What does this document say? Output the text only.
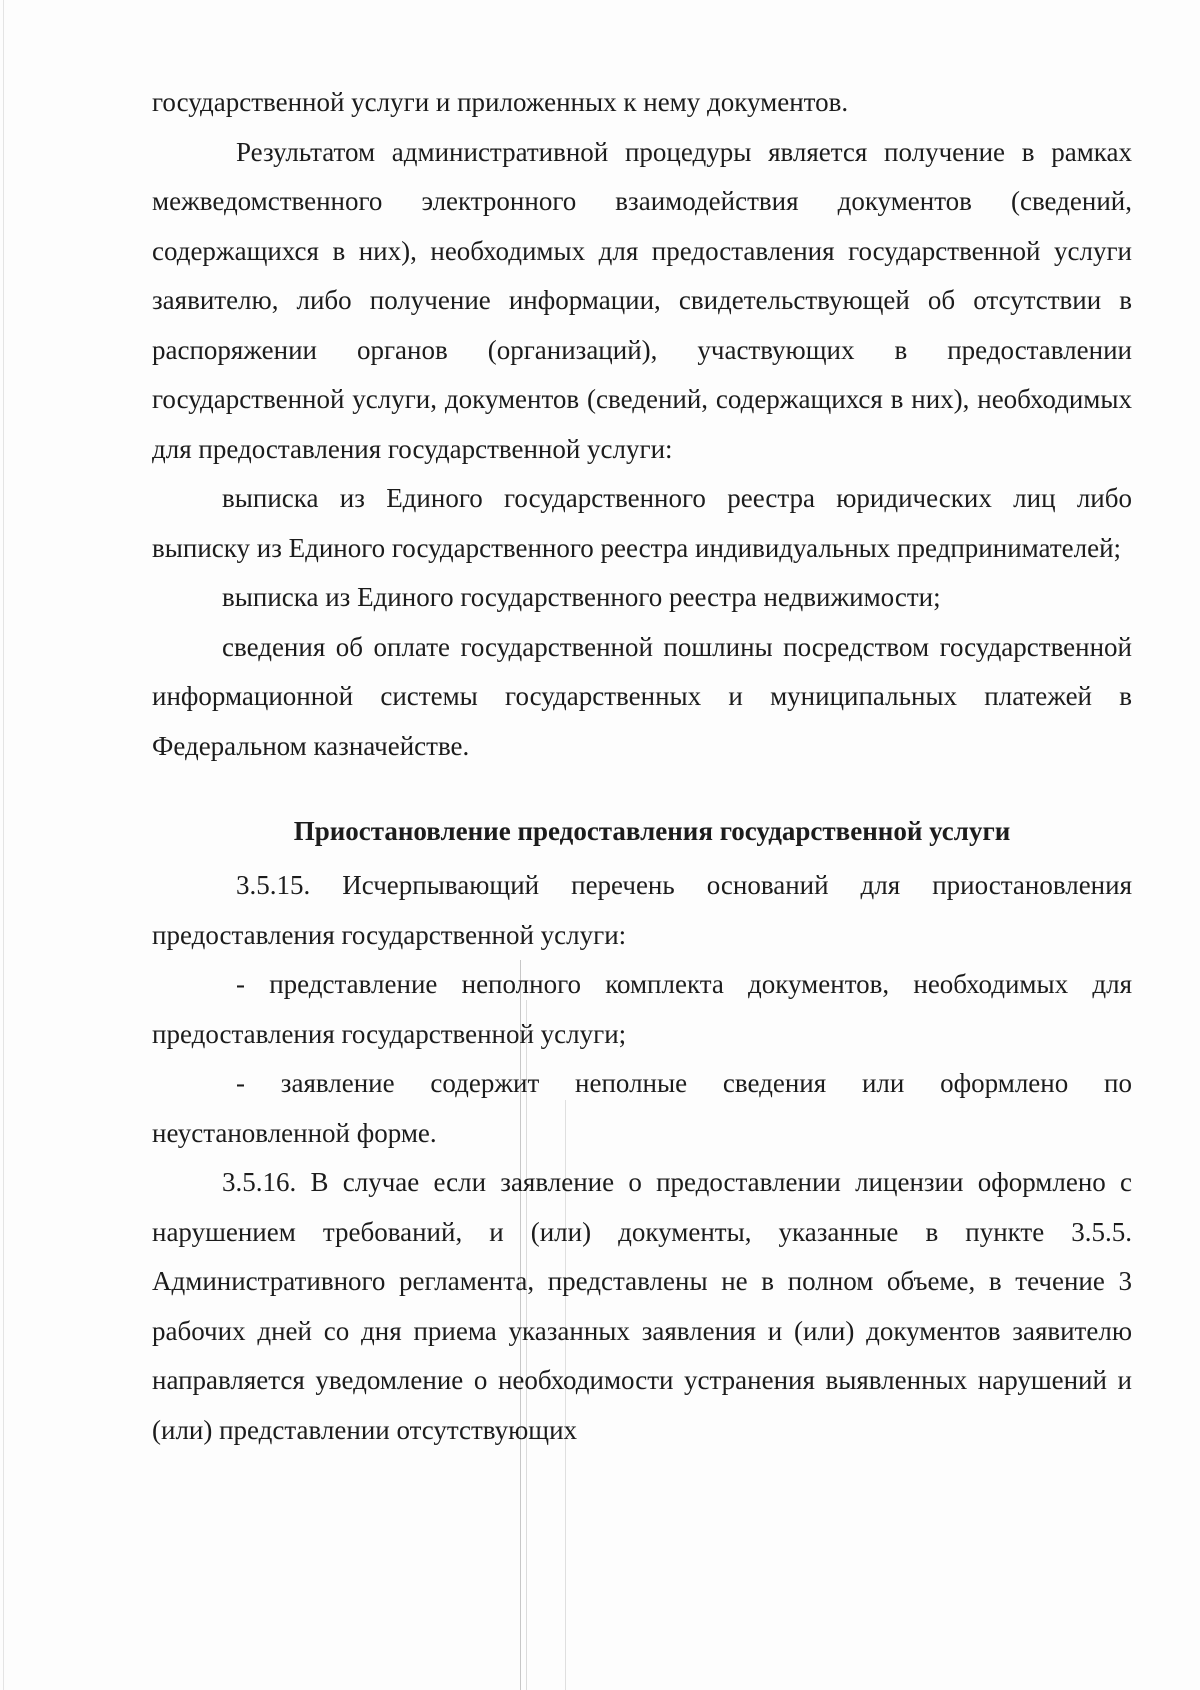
государственной услуги и приложенных к нему документов.

Результатом административной процедуры является получение в рамках межведомственного электронного взаимодействия документов (сведений, содержащихся в них), необходимых для предоставления государственной услуги заявителю, либо получение информации, свидетельствующей об отсутствии в распоряжении органов (организаций), участвующих в предоставлении государственной услуги, документов (сведений, содержащихся в них), необходимых для предоставления государственной услуги:

выписка из Единого государственного реестра юридических лиц либо выписку из Единого государственного реестра индивидуальных предпринимателей;

выписка из Единого государственного реестра недвижимости;

сведения об оплате государственной пошлины посредством государственной информационной системы государственных и муниципальных платежей в Федеральном казначействе.

Приостановление предоставления государственной услуги

3.5.15. Исчерпывающий перечень оснований для приостановления предоставления государственной услуги:

- представление неполного комплекта документов, необходимых для предоставления государственной услуги;

- заявление содержит неполные сведения или оформлено по неустановленной форме.

3.5.16. В случае если заявление о предоставлении лицензии оформлено с нарушением требований, и (или) документы, указанные в пункте 3.5.5. Административного регламента, представлены не в полном объеме, в течение 3 рабочих дней со дня приема указанных заявления и (или) документов заявителю направляется уведомление о необходимости устранения выявленных нарушений и (или) представлении отсутствующих
